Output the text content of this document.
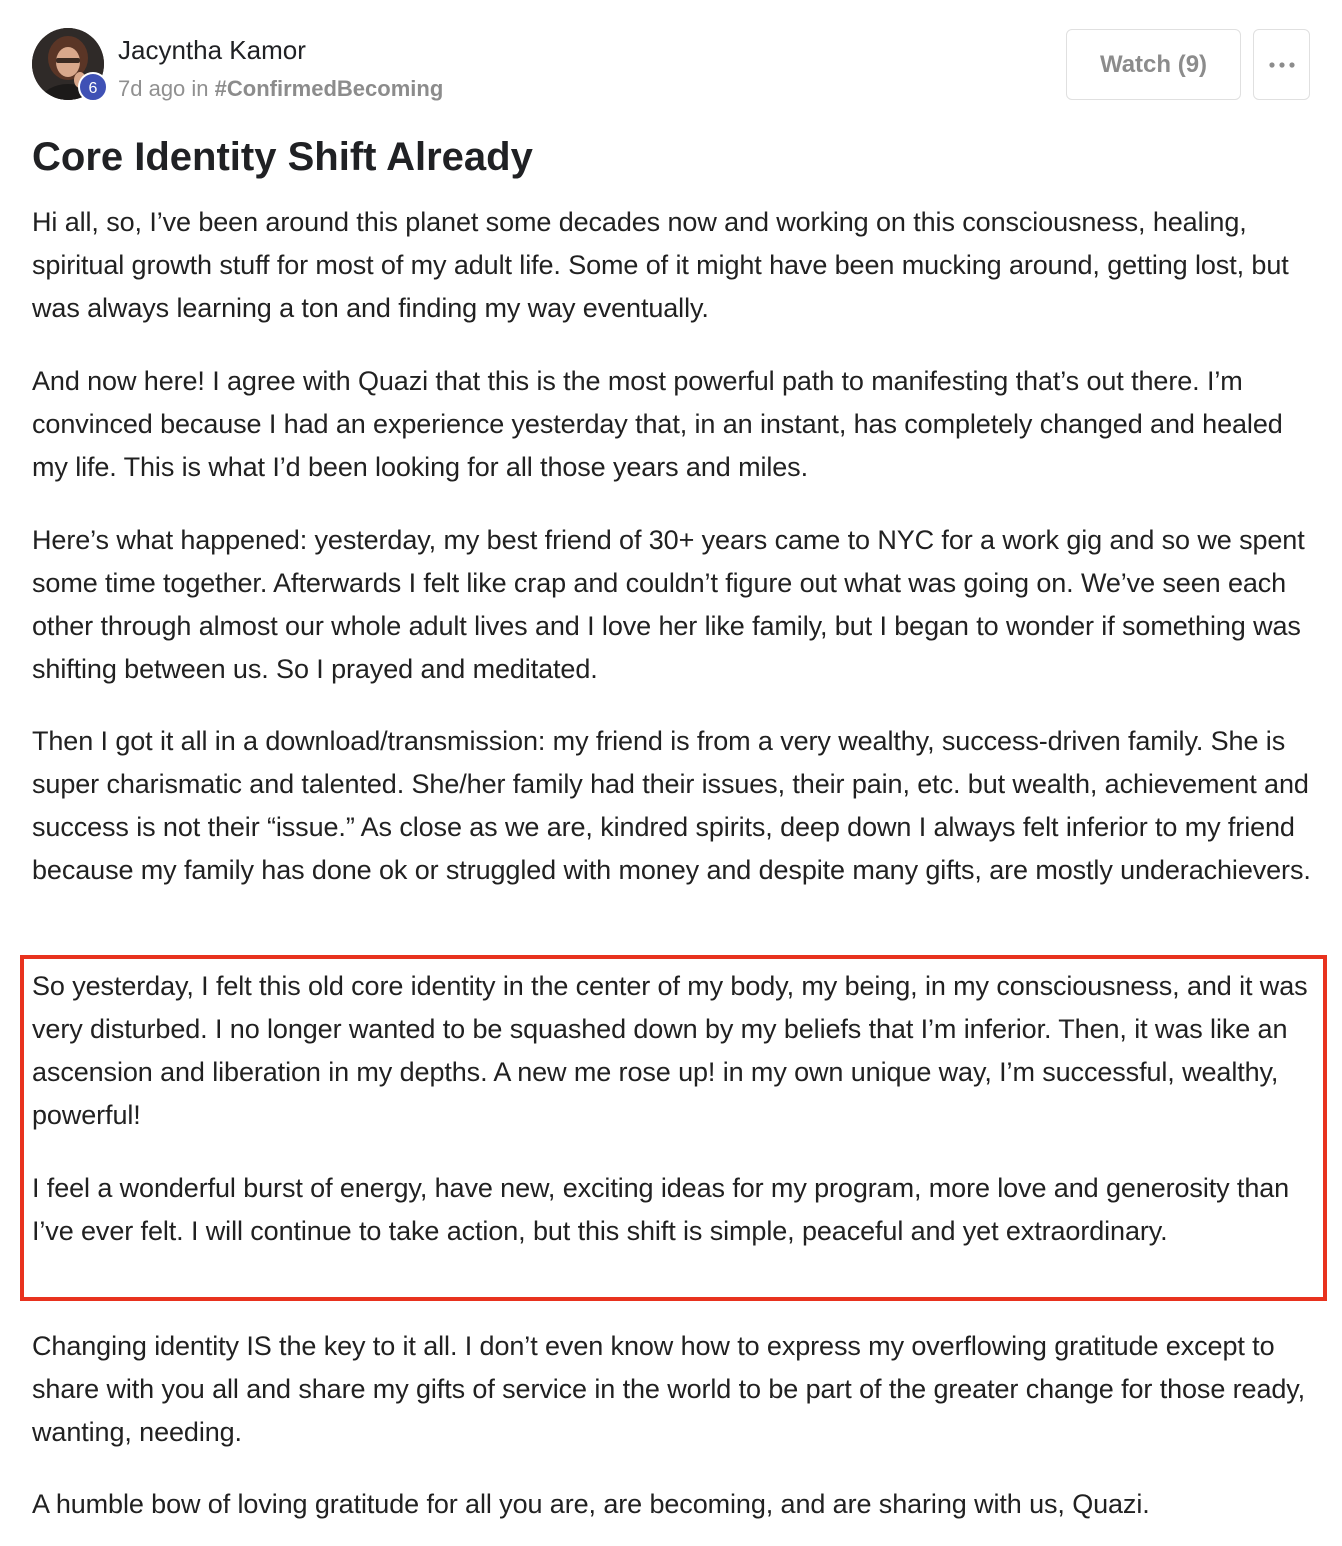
6
Jacyntha Kamor
7d ago in #ConfirmedBecoming
Watch (9)
Core Identity Shift Already

Hi all, so, I’ve been around this planet some decades now and working on this consciousness, healing, spiritual growth stuff for most of my adult life. Some of it might have been mucking around, getting lost, but was always learning a ton and finding my way eventually.

And now here! I agree with Quazi that this is the most powerful path to manifesting that’s out there. I’m convinced because I had an experience yesterday that, in an instant, has completely changed and healed my life. This is what I’d been looking for all those years and miles.

Here’s what happened: yesterday, my best friend of 30+ years came to NYC for a work gig and so we spent some time together. Afterwards I felt like crap and couldn’t figure out what was going on. We’ve seen each other through almost our whole adult lives and I love her like family, but I began to wonder if something was shifting between us. So I prayed and meditated.

Then I got it all in a download/transmission: my friend is from a very wealthy, success-driven family. She is super charismatic and talented. She/her family had their issues, their pain, etc. but wealth, achievement and success is not their “issue.” As close as we are, kindred spirits, deep down I always felt inferior to my friend because my family has done ok or struggled with money and despite many gifts, are mostly underachievers.

So yesterday, I felt this old core identity in the center of my body, my being, in my consciousness, and it was very disturbed. I no longer wanted to be squashed down by my beliefs that I’m inferior. Then, it was like an ascension and liberation in my depths. A new me rose up! in my own unique way, I’m successful, wealthy, powerful!

I feel a wonderful burst of energy, have new, exciting ideas for my program, more love and generosity than I’ve ever felt. I will continue to take action, but this shift is simple, peaceful and yet extraordinary.

Changing identity IS the key to it all. I don’t even know how to express my overflowing gratitude except to share with you all and share my gifts of service in the world to be part of the greater change for those ready, wanting, needing.

A humble bow of loving gratitude for all you are, are becoming, and are sharing with us, Quazi.
